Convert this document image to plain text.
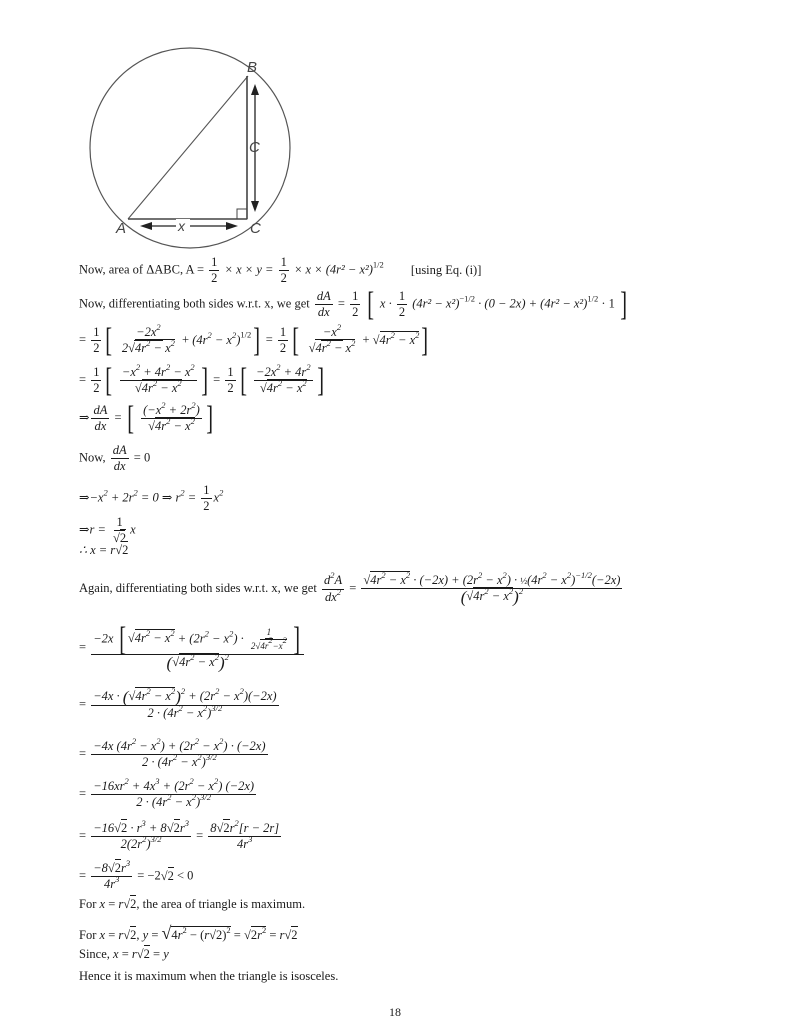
B
C
C
A	x
Now, area of ΔABC, $A = \frac{1}{2} \times x \times y = \frac{1}{2} \times x \times (4r^2 - x^2)^{1/2}$ [using Eq. (i)]
Now, differentiating both sides w.r.t. x, we get $\frac{dA}{dx} = \frac{1}{2}$ [ $x \cdot \frac{1}{2} (4r^2 - x^2)^{-1/2} \cdot (0 - 2x) + (4r^2 - x^2)^{1/2} \cdot 1$ ]
= $\frac{1}{2}$ [ $\frac{-2x^2}{2√4r^2 - x^2} + (4r^2 - x^2)^{1/2}] = \frac{1}{2}$ [ $\frac{-x^2}{√4r^2 - x^2} + √4r^2 - x^2$]
= $\frac{1}{2}$ [ $\frac{-x^2 + 4r^2 - x^2}{√4r^2 - x^2}$ ] = $\frac{1}{2}$ [ $\frac{-2x^2 + 4r^2}{√4r^2 - x^2}$ ]
⇒ $\frac{dA}{dx}$ = [ $\frac{(-x^2 + 2r^2)}{√4r^2 - x^2}$ ]
Now, $\frac{dA}{dx} = 0$
$\Rightarrow-x^2 + 2r^2 = 0$ ⇒ $r^2 = \frac{1}{2} x^2$
⇒r = $\frac{1}{√2}$ x
∴ x = r√2
Again, differentiating both sides w.r.t. x, we get $\frac{d^2A}{dx^2} = \frac{√4r^2 - x^2 \cdot (-2x) + (2r^2 - x^2) \cdot \frac{1}{2}(4r^2 - x^2)^{-1/2}(-2x)}{(√4r^2 - x^2)^2}$
= $\frac{-2x [ √4r^2 - x^2 + (2r^2 - x^2) \cdot \frac{1}{2√4r^2-x^2} ]}{(√4r^2 - x^2)^2}$
= $\frac{-4x \cdot (√4r^2 - x^2)^2 + (2r^2 - x^2)(-2x)}{2 \cdot (4r^2 - x^2)^{3/2}}$
= $\frac{-4x (4r^2 - x^2) + (2r^2 - x^2) \cdot (-2x)}{2 \cdot (4r^2 - x^2)^{3/2}}$
= $\frac{-16xr^2 + 4x^3 + (2r^2 - x^2) (-2x)}{2 \cdot (4r^2 - x^2)^{3/2}}$
= $\frac{-16√2 \cdot r^3 + 8√2r^3}{2(2r^2)^{3/2}} = \frac{8√2r^2[r - 2r]}{4r^3}$
= $\frac{-8√2r^3}{4r^3} = -2√2 < 0$
For x = r√2, the area of triangle is maximum.
For x = r√2, $y = √4r^2 - (r√2)^2 = √2r^2 = r√2$
Since, x = r√2 = y
Hence it is maximum when the triangle is isosceles.
18
